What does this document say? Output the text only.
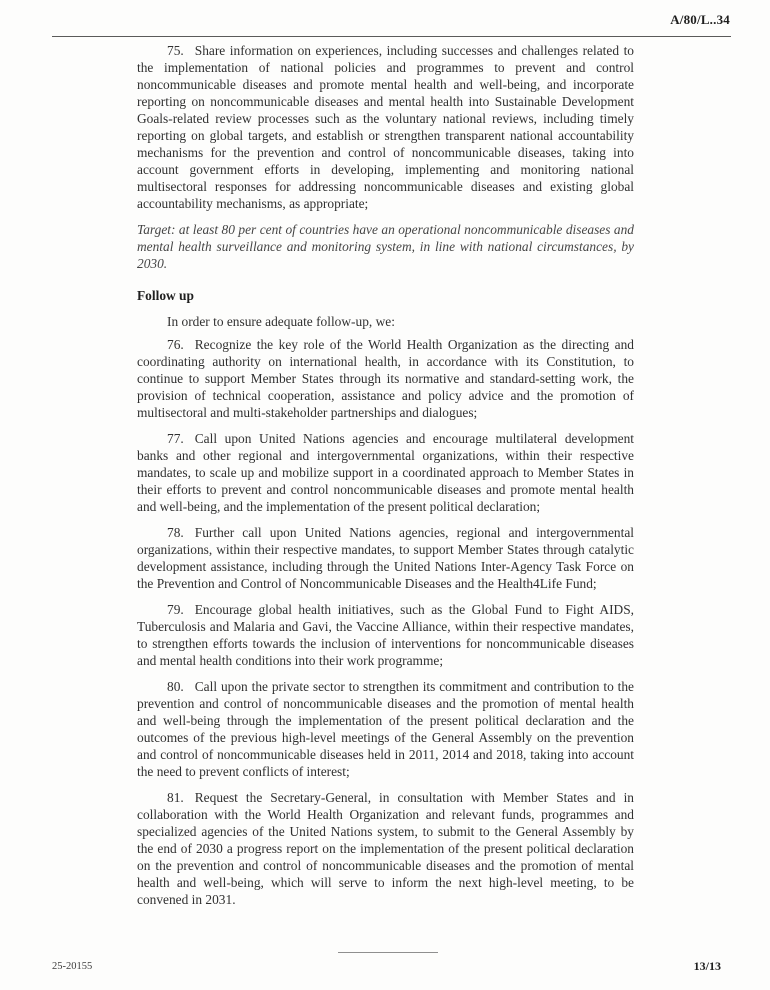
A/80/L..34

75. Share information on experiences, including successes and challenges related to the implementation of national policies and programmes to prevent and control noncommunicable diseases and promote mental health and well-being, and incorporate reporting on noncommunicable diseases and mental health into Sustainable Development Goals-related review processes such as the voluntary national reviews, including timely reporting on global targets, and establish or strengthen transparent national accountability mechanisms for the prevention and control of noncommunicable diseases, taking into account government efforts in developing, implementing and monitoring national multisectoral responses for addressing noncommunicable diseases and existing global accountability mechanisms, as appropriate;

Target: at least 80 per cent of countries have an operational noncommunicable diseases and mental health surveillance and monitoring system, in line with national circumstances, by 2030.

Follow up

In order to ensure adequate follow-up, we:

76. Recognize the key role of the World Health Organization as the directing and coordinating authority on international health, in accordance with its Constitution, to continue to support Member States through its normative and standard-setting work, the provision of technical cooperation, assistance and policy advice and the promotion of multisectoral and multi-stakeholder partnerships and dialogues;

77. Call upon United Nations agencies and encourage multilateral development banks and other regional and intergovernmental organizations, within their respective mandates, to scale up and mobilize support in a coordinated approach to Member States in their efforts to prevent and control noncommunicable diseases and promote mental health and well-being, and the implementation of the present political declaration;

78. Further call upon United Nations agencies, regional and intergovernmental organizations, within their respective mandates, to support Member States through catalytic development assistance, including through the United Nations Inter-Agency Task Force on the Prevention and Control of Noncommunicable Diseases and the Health4Life Fund;

79. Encourage global health initiatives, such as the Global Fund to Fight AIDS, Tuberculosis and Malaria and Gavi, the Vaccine Alliance, within their respective mandates, to strengthen efforts towards the inclusion of interventions for noncommunicable diseases and mental health conditions into their work programme;

80. Call upon the private sector to strengthen its commitment and contribution to the prevention and control of noncommunicable diseases and the promotion of mental health and well-being through the implementation of the present political declaration and the outcomes of the previous high-level meetings of the General Assembly on the prevention and control of noncommunicable diseases held in 2011, 2014 and 2018, taking into account the need to prevent conflicts of interest;

81. Request the Secretary-General, in consultation with Member States and in collaboration with the World Health Organization and relevant funds, programmes and specialized agencies of the United Nations system, to submit to the General Assembly by the end of 2030 a progress report on the implementation of the present political declaration on the prevention and control of noncommunicable diseases and the promotion of mental health and well-being, which will serve to inform the next high-level meeting, to be convened in 2031.

25-20155	13/13
